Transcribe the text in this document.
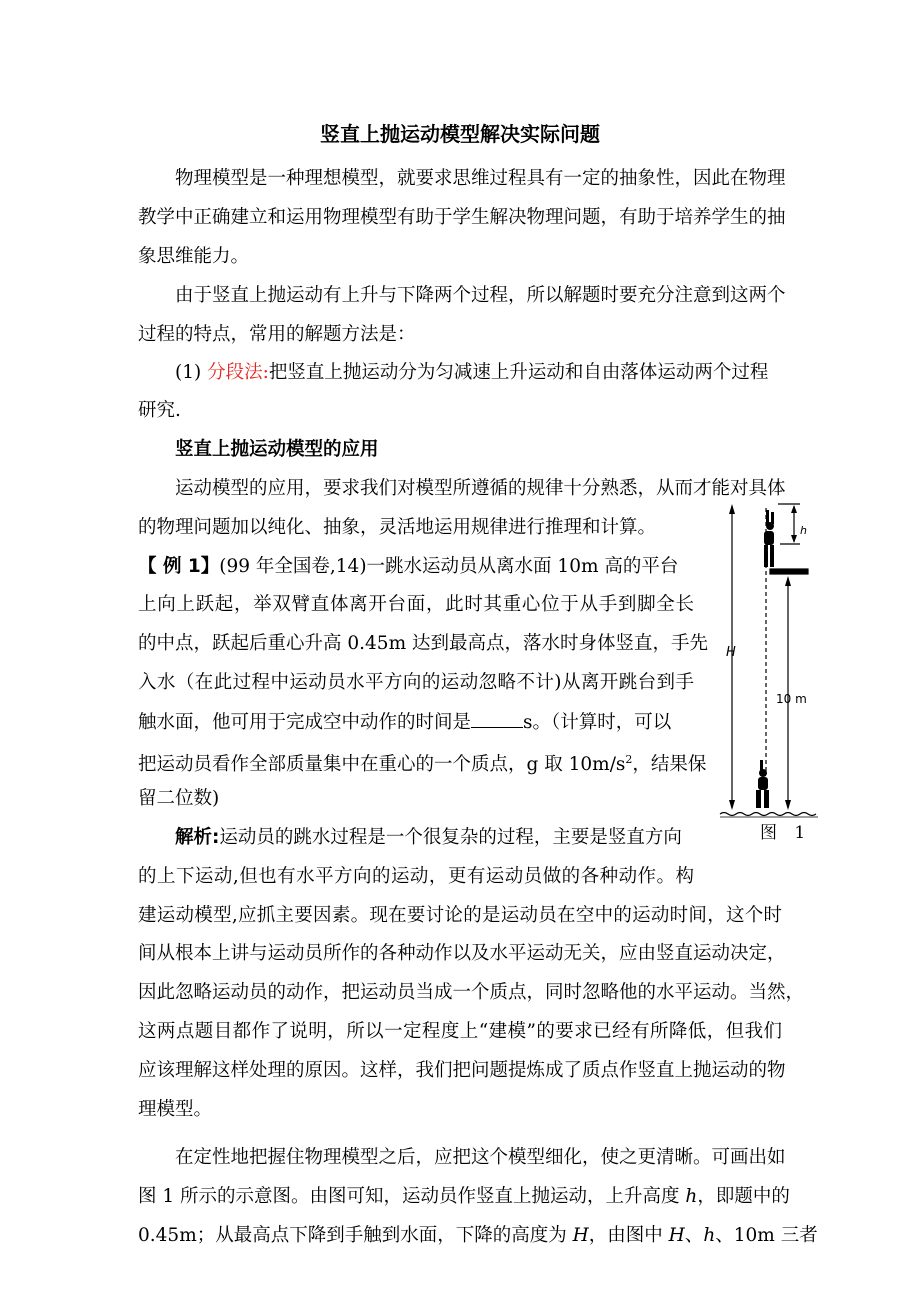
竖直上抛运动模型解决实际问题
物理模型是一种理想模型，就要求思维过程具有一定的抽象性，因此在物理
教学中正确建立和运用物理模型有助于学生解决物理问题，有助于培养学生的抽
象思维能力。
由于竖直上抛运动有上升与下降两个过程，所以解题时要充分注意到这两个
过程的特点，常用的解题方法是：
(1) 分段法:把竖直上抛运动分为匀减速上升运动和自由落体运动两个过程
研究.
竖直上抛运动模型的应用
运动模型的应用，要求我们对模型所遵循的规律十分熟悉，从而才能对具体
的物理问题加以纯化、抽象，灵活地运用规律进行推理和计算。
【 例 1】(99 年全国卷,14)一跳水运动员从离水面 10m 高的平台
上向上跃起，举双臂直体离开台面，此时其重心位于从手到脚全长
的中点，跃起后重心升高 0.45m 达到最高点，落水时身体竖直，手先
入水（在此过程中运动员水平方向的运动忽略不计)从离开跳台到手
触水面，他可用于完成空中动作的时间是	s。（计算时，可以
把运动员看作全部质量集中在重心的一个质点，g 取 $10m/s^2$，结果保
留二位数)
解析:运动员的跳水过程是一个很复杂的过程，主要是竖直方向
的上下运动,但也有水平方向的运动，更有运动员做的各种动作。构
建运动模型,应抓主要因素。现在要讨论的是运动员在空中的运动时间，这个时
间从根本上讲与运动员所作的各种动作以及水平运动无关，应由竖直运动决定，
因此忽略运动员的动作，把运动员当成一个质点，同时忽略他的水平运动。当然，
这两点题目都作了说明，所以一定程度上“建模”的要求已经有所降低，但我们
应该理解这样处理的原因。这样，我们把问题提炼成了质点作竖直上抛运动的物
理模型。
在定性地把握住物理模型之后，应把这个模型细化，使之更清晰。可画出如
图 1 所示的示意图。由图可知，运动员作竖直上抛运动，上升高度 h，即题中的
0.45m；从最高点下降到手触到水面，下降的高度为 H，由图中 H、h、10m 三者
h
H
10 m
图 1
